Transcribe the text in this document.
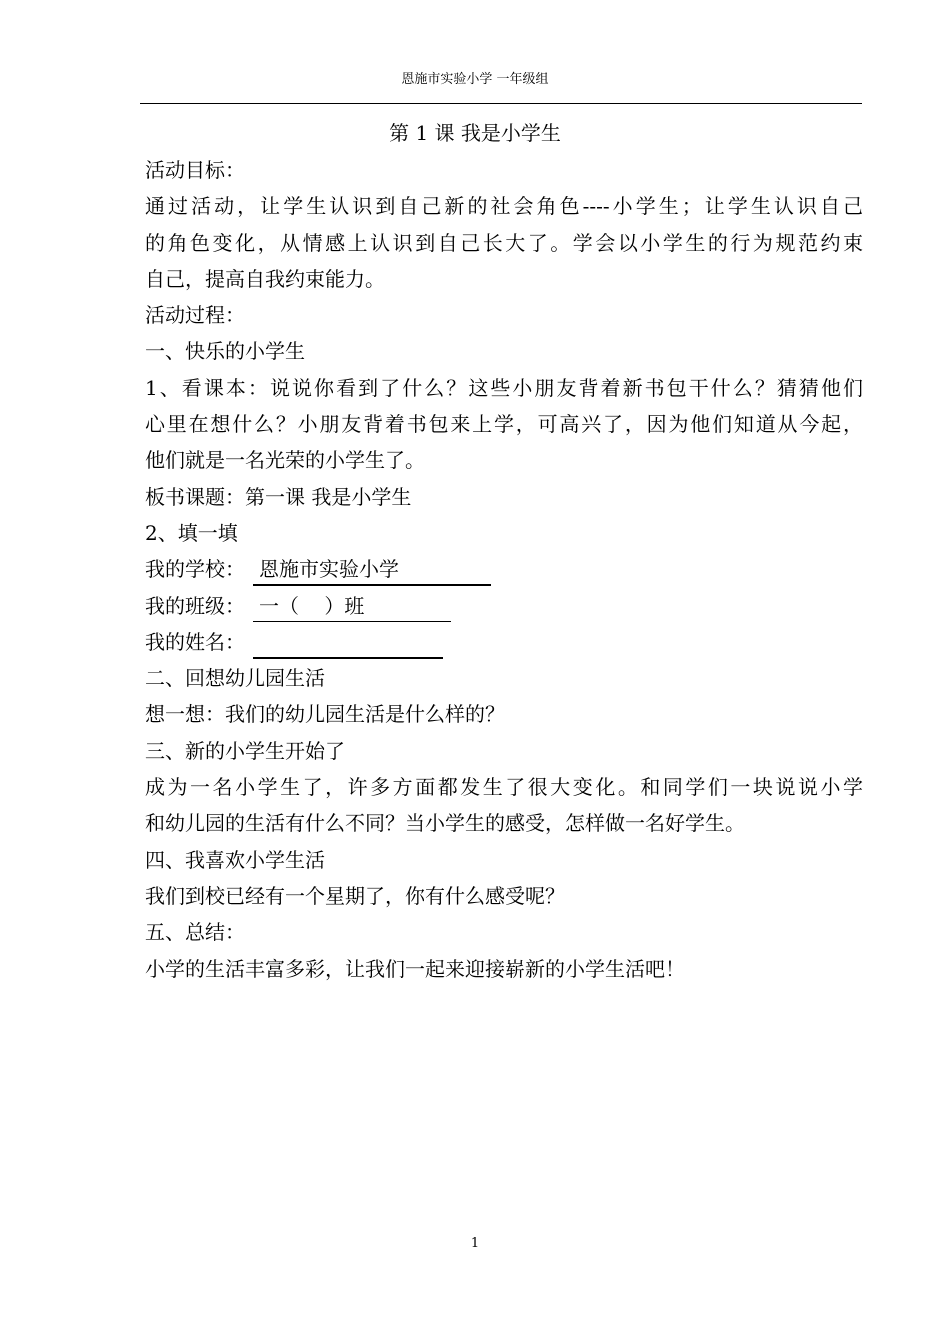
恩施市实验小学 一年级组
第 1 课 我是小学生
活动目标：
通过活动，让学生认识到自己新的社会角色----小学生；让学生认识自己
的角色变化，从情感上认识到自己长大了。学会以小学生的行为规范约束
自己，提高自我约束能力。
活动过程：
一、快乐的小学生
1、看课本：说说你看到了什么？这些小朋友背着新书包干什么？猜猜他们
心里在想什么？小朋友背着书包来上学，可高兴了，因为他们知道从今起，
他们就是一名光荣的小学生了。
板书课题：第一课 我是小学生
2、填一填
我的学校： 恩施市实验小学
我的班级： 一（    ）班
我的姓名：
二、回想幼儿园生活
想一想：我们的幼儿园生活是什么样的？
三、新的小学生开始了
成为一名小学生了，许多方面都发生了很大变化。和同学们一块说说小学
和幼儿园的生活有什么不同？当小学生的感受，怎样做一名好学生。
四、我喜欢小学生活
我们到校已经有一个星期了，你有什么感受呢？
五、总结：
小学的生活丰富多彩，让我们一起来迎接崭新的小学生活吧！
1
